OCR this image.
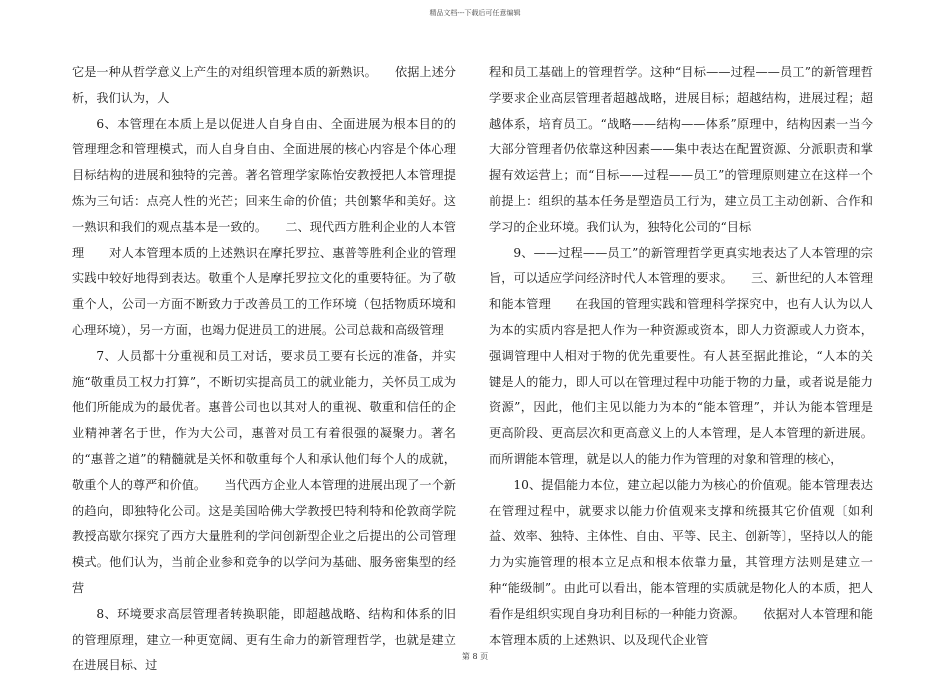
精品文档---下载后可任意编辑

它是一种从哲学意义上产生的对组织管理本质的新熟识。　　依据上述分析，我们认为，人

6、本管理在本质上是以促进人自身自由、全面进展为根本目的的管理理念和管理模式，而人自身自由、全面进展的核心内容是个体心理目标结构的进展和独特的完善。著名管理学家陈怡安教授把人本管理提炼为三句话：点亮人性的光芒；回来生命的价值；共创繁华和美好。这一熟识和我们的观点基本是一致的。　　二、现代西方胜利企业的人本管理　　对人本管理本质的上述熟识在摩托罗拉、惠普等胜利企业的管理实践中较好地得到表达。敬重个人是摩托罗拉文化的重要特征。为了敬重个人，公司一方面不断致力于改善员工的工作环境（包括物质环境和心理环境），另一方面，也竭力促进员工的进展。公司总裁和高级管理

7、人员都十分重视和员工对话，要求员工要有长远的准备，并实施“敬重员工权力打算”，不断切实提高员工的就业能力，关怀员工成为他们所能成为的最优者。惠普公司也以其对人的重视、敬重和信任的企业精神著名于世，作为大公司，惠普对员工有着很强的凝聚力。著名的“惠普之道”的精髓就是关怀和敬重每个人和承认他们每个人的成就，敬重个人的尊严和价值。　　当代西方企业人本管理的进展出现了一个新的趋向，即独特化公司。这是美国哈佛大学教授巴特利特和伦敦商学院教授高歇尔探究了西方大量胜利的学问创新型企业之后提出的公司管理模式。他们认为，当前企业参和竞争的以学问为基础、服务密集型的经营

8、环境要求高层管理者转换职能，即超越战略、结构和体系的旧的管理原理，建立一种更宽阔、更有生命力的新管理哲学，也就是建立在进展目标、过

程和员工基础上的管理哲学。这种“目标——过程——员工”的新管理哲学要求企业高层管理者超越战略，进展目标；超越结构，进展过程；超越体系，培育员工。“战略——结构——体系”原理中，结构因素一当今大部分管理者仍依靠这种因素——集中表达在配置资源、分派职责和掌握有效运营上；而“目标——过程——员工”的管理原则建立在这样一个前提上：组织的基本任务是塑造员工行为，建立员工主动创新、合作和学习的企业环境。我们认为，独特化公司的“目标

9、——过程——员工”的新管理哲学更真实地表达了人本管理的宗旨，可以适应学问经济时代人本管理的要求。　　三、新世纪的人本管理和能本管理　　在我国的管理实践和管理科学探究中，也有人认为以人为本的实质内容是把人作为一种资源或资本，即人力资源或人力资本，强调管理中人相对于物的优先重要性。有人甚至据此推论，“人本的关键是人的能力，即人可以在管理过程中功能于物的力量，或者说是能力资源”，因此，他们主见以能力为本的“能本管理”，并认为能本管理是更高阶段、更高层次和更高意义上的人本管理，是人本管理的新进展。而所谓能本管理，就是以人的能力作为管理的对象和管理的核心，

10、提倡能力本位，建立起以能力为核心的价值观。能本管理表达在管理过程中，就要求以能力价值观来支撑和统摄其它价值观〔如利益、效率、独特、主体性、自由、平等、民主、创新等〕，坚持以人的能力为实施管理的根本立足点和根本依靠力量，其管理方法则是建立一种“能级制”。由此可以看出，能本管理的实质就是物化人的本质，把人看作是组织实现自身功利目标的一种能力资源。　　依据对人本管理和能本管理本质的上述熟识、以及现代企业管

第 8 页
